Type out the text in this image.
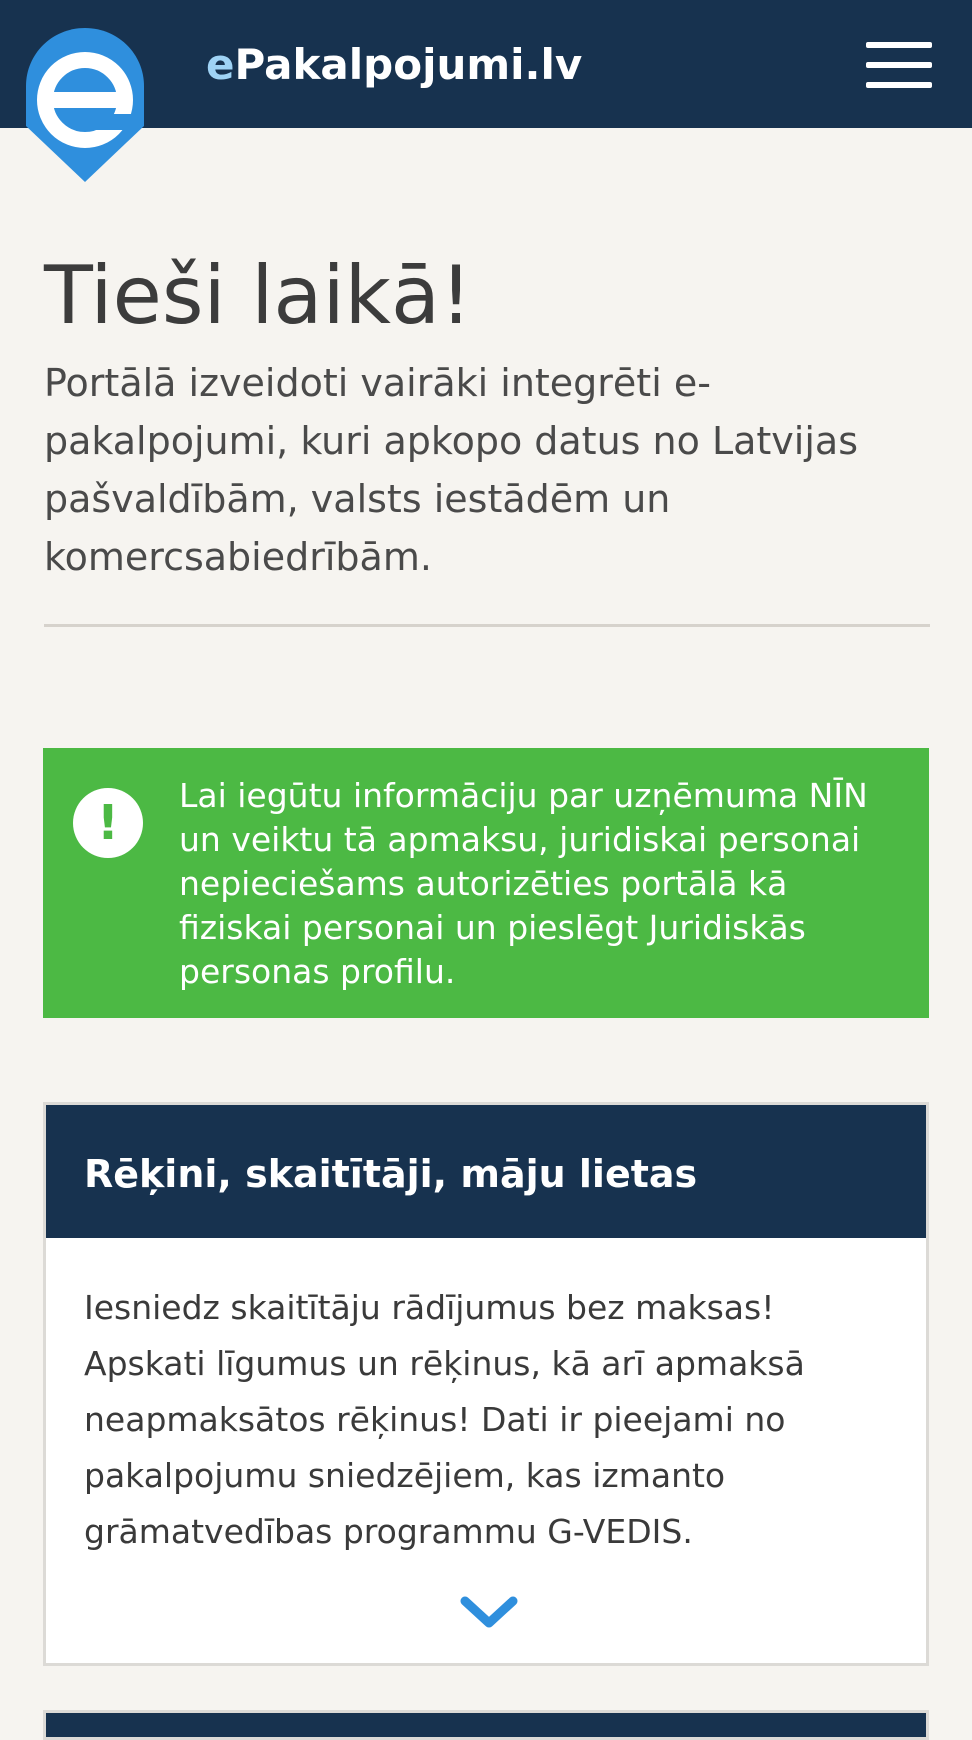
ePakalpojumi.lv
Tieši laikā!

Portālā izveidoti vairāki integrēti e-pakalpojumi, kuri apkopo datus no Latvijas pašvaldībām, valsts iestādēm un komercsabiedrībām.

!	Lai iegūtu informāciju par uzņēmuma NĪN un veiktu tā apmaksu, juridiskai personai nepieciešams autorizēties portālā kā fiziskai personai un pieslēgt Juridiskās personas profilu.
Rēķini, skaitītāji, māju lietas
Iesniedz skaitītāju rādījumus bez maksas! Apskati līgumus un rēķinus, kā arī apmaksā neapmaksātos rēķinus! Dati ir pieejami no pakalpojumu sniedzējiem, kas izmanto grāmatvedības programmu G-VEDIS.
